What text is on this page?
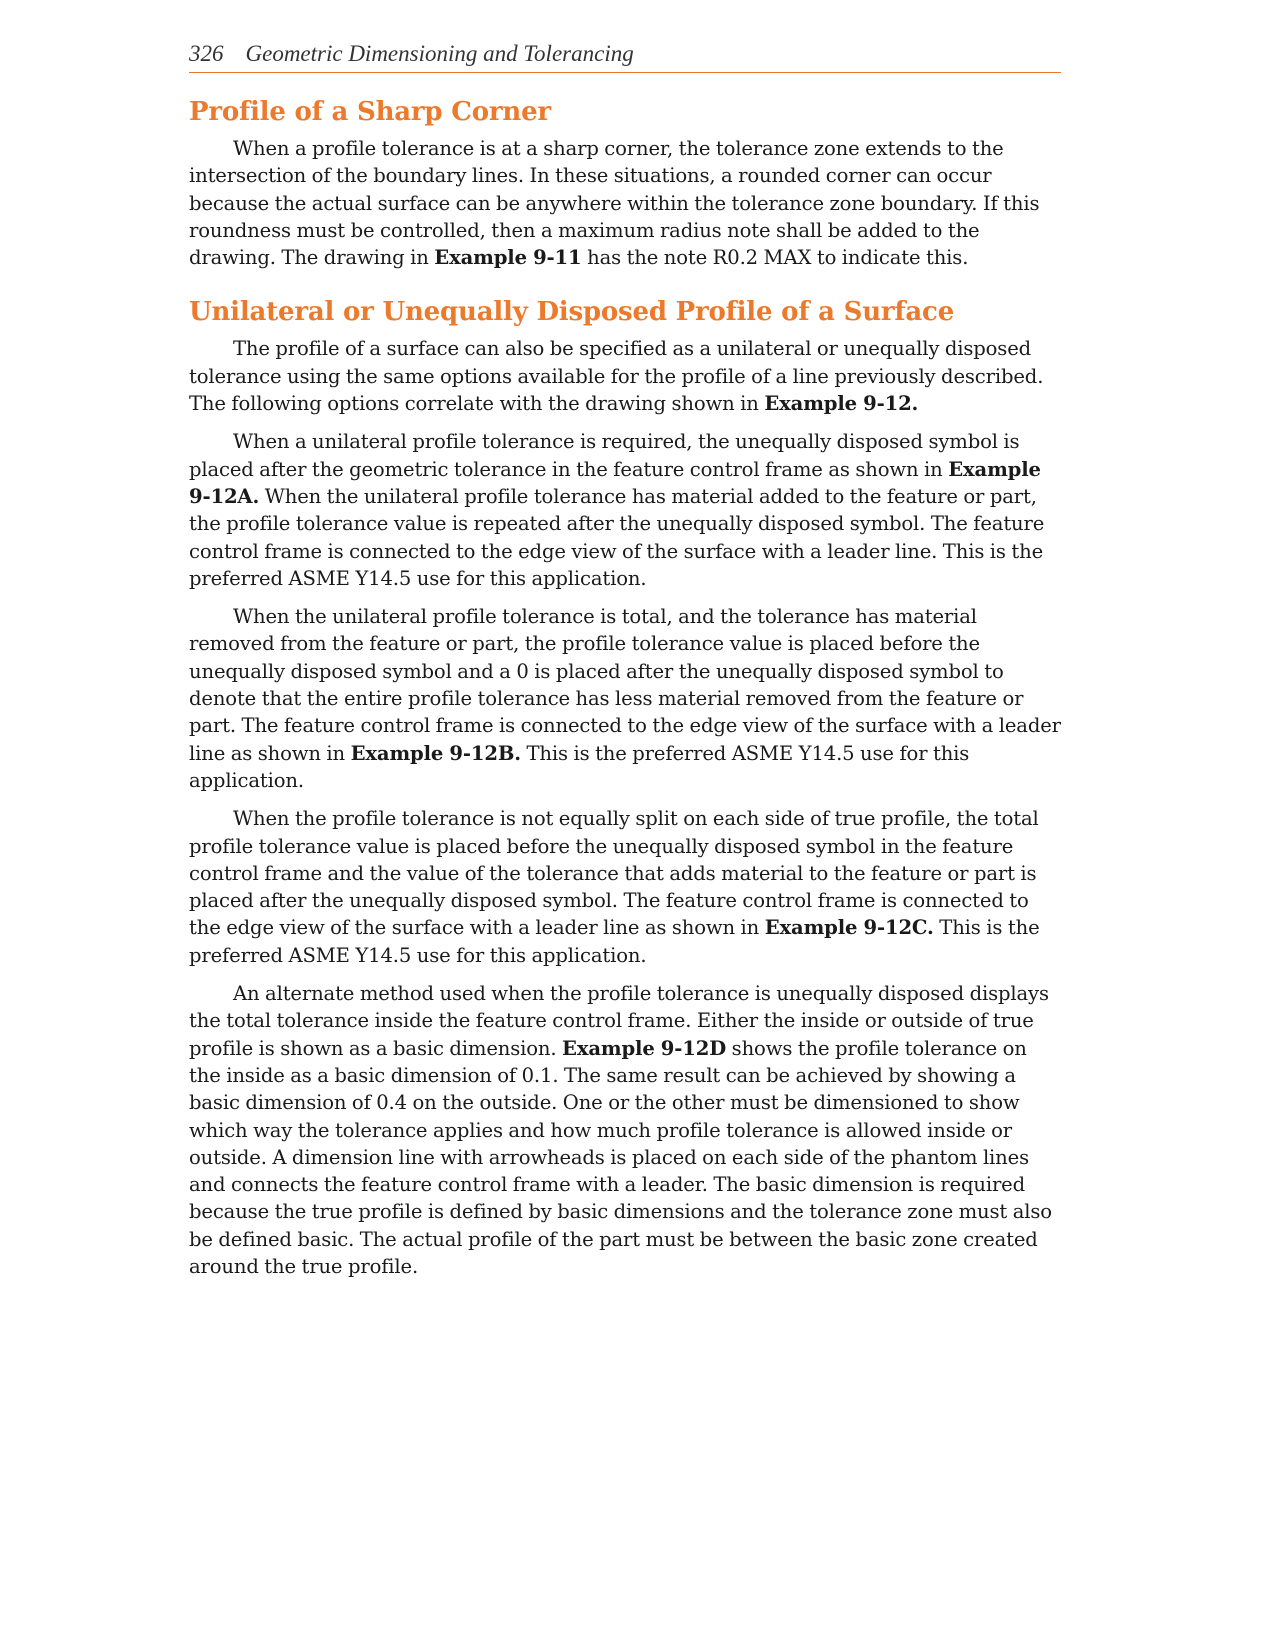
326 Geometric Dimensioning and Tolerancing
Profile of a Sharp Corner

When a profile tolerance is at a sharp corner, the tolerance zone extends to the intersection of the boundary lines. In these situations, a rounded corner can occur because the actual surface can be anywhere within the tolerance zone boundary. If this roundness must be controlled, then a maximum radius note shall be added to the drawing. The drawing in Example 9-11 has the note R0.2 MAX to indicate this.

Unilateral or Unequally Disposed Profile of a Surface

The profile of a surface can also be specified as a unilateral or unequally disposed tolerance using the same options available for the profile of a line previously described. The following options correlate with the drawing shown in Example 9-12.

When a unilateral profile tolerance is required, the unequally disposed symbol is placed after the geometric tolerance in the feature control frame as shown in Example 9-12A. When the unilateral profile tolerance has material added to the feature or part, the profile tolerance value is repeated after the unequally disposed symbol. The feature control frame is connected to the edge view of the surface with a leader line. This is the preferred ASME Y14.5 use for this application.

When the unilateral profile tolerance is total, and the tolerance has material removed from the feature or part, the profile tolerance value is placed before the unequally disposed symbol and a 0 is placed after the unequally disposed symbol to denote that the entire profile tolerance has less material removed from the feature or part. The feature control frame is connected to the edge view of the surface with a leader line as shown in Example 9-12B. This is the preferred ASME Y14.5 use for this application.

When the profile tolerance is not equally split on each side of true profile, the total profile tolerance value is placed before the unequally disposed symbol in the feature control frame and the value of the tolerance that adds material to the feature or part is placed after the unequally disposed symbol. The feature control frame is connected to the edge view of the surface with a leader line as shown in Example 9-12C. This is the preferred ASME Y14.5 use for this application.

An alternate method used when the profile tolerance is unequally disposed displays the total tolerance inside the feature control frame. Either the inside or outside of true profile is shown as a basic dimension. Example 9-12D shows the profile tolerance on the inside as a basic dimension of 0.1. The same result can be achieved by showing a basic dimension of 0.4 on the outside. One or the other must be dimensioned to show which way the tolerance applies and how much profile tolerance is allowed inside or outside. A dimension line with arrowheads is placed on each side of the phantom lines and connects the feature control frame with a leader. The basic dimension is required because the true profile is defined by basic dimensions and the tolerance zone must also be defined basic. The actual profile of the part must be between the basic zone created around the true profile.
